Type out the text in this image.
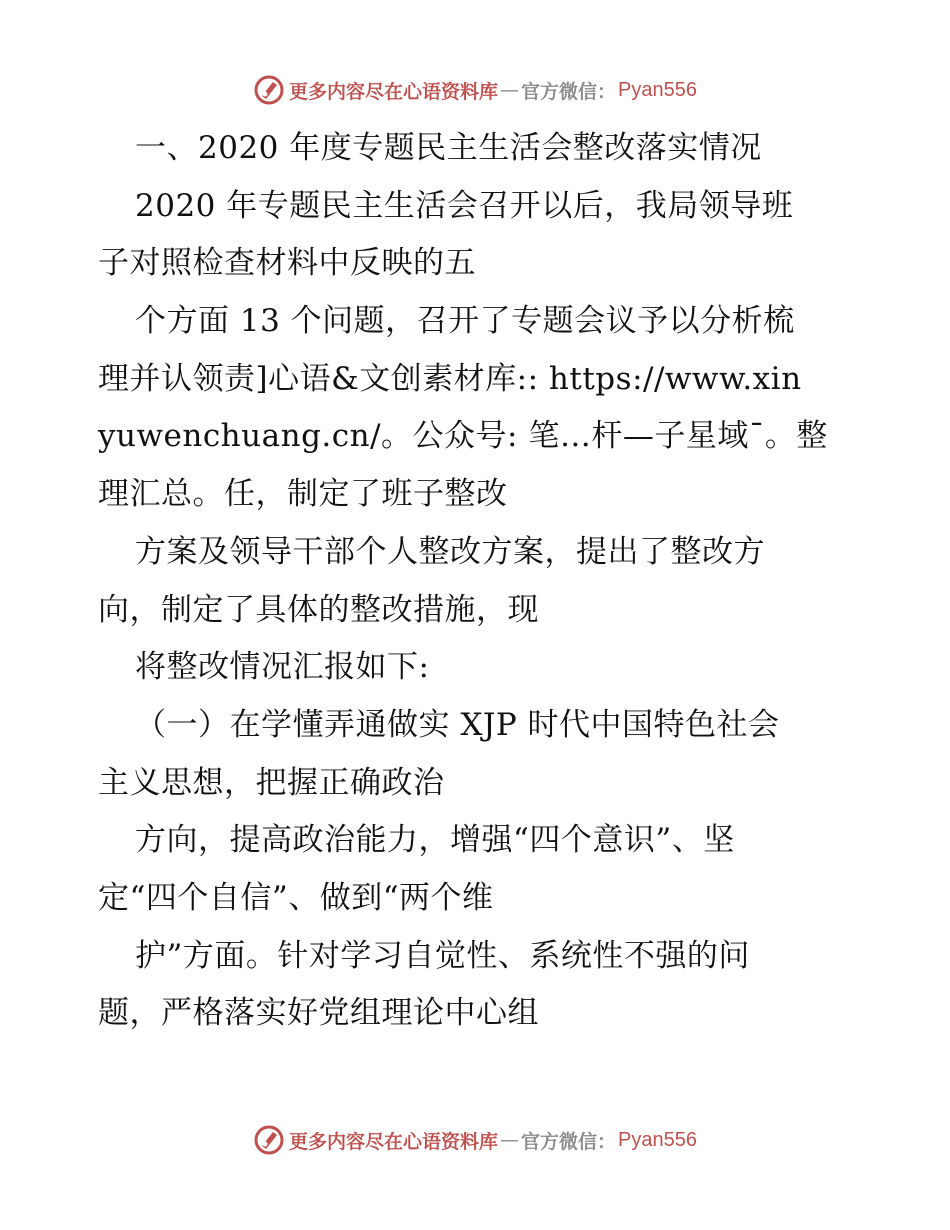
更多内容尽在心语资料库 — 官方微信： Pyan556
一、2020 年度专题民主生活会整改落实情况
2020 年专题民主生活会召开以后，我局领导班
子对照检查材料中反映的五
个方面 13 个问题，召开了专题会议予以分析梳
理并认领责]心语&文创素材库:: https://www.xin
yuwenchuang.cn/。公众号: 笔…杆—子星域¯。整
理汇总。任，制定了班子整改
方案及领导干部个人整改方案，提出了整改方
向，制定了具体的整改措施，现
将整改情况汇报如下:
（一）在学懂弄通做实 XJP 时代中国特色社会
主义思想，把握正确政治
方向，提高政治能力，增强“四个意识”、坚
定“四个自信”、做到“两个维
护”方面。针对学习自觉性、系统性不强的问
题，严格落实好党组理论中心组
更多内容尽在心语资料库 — 官方微信： Pyan556
